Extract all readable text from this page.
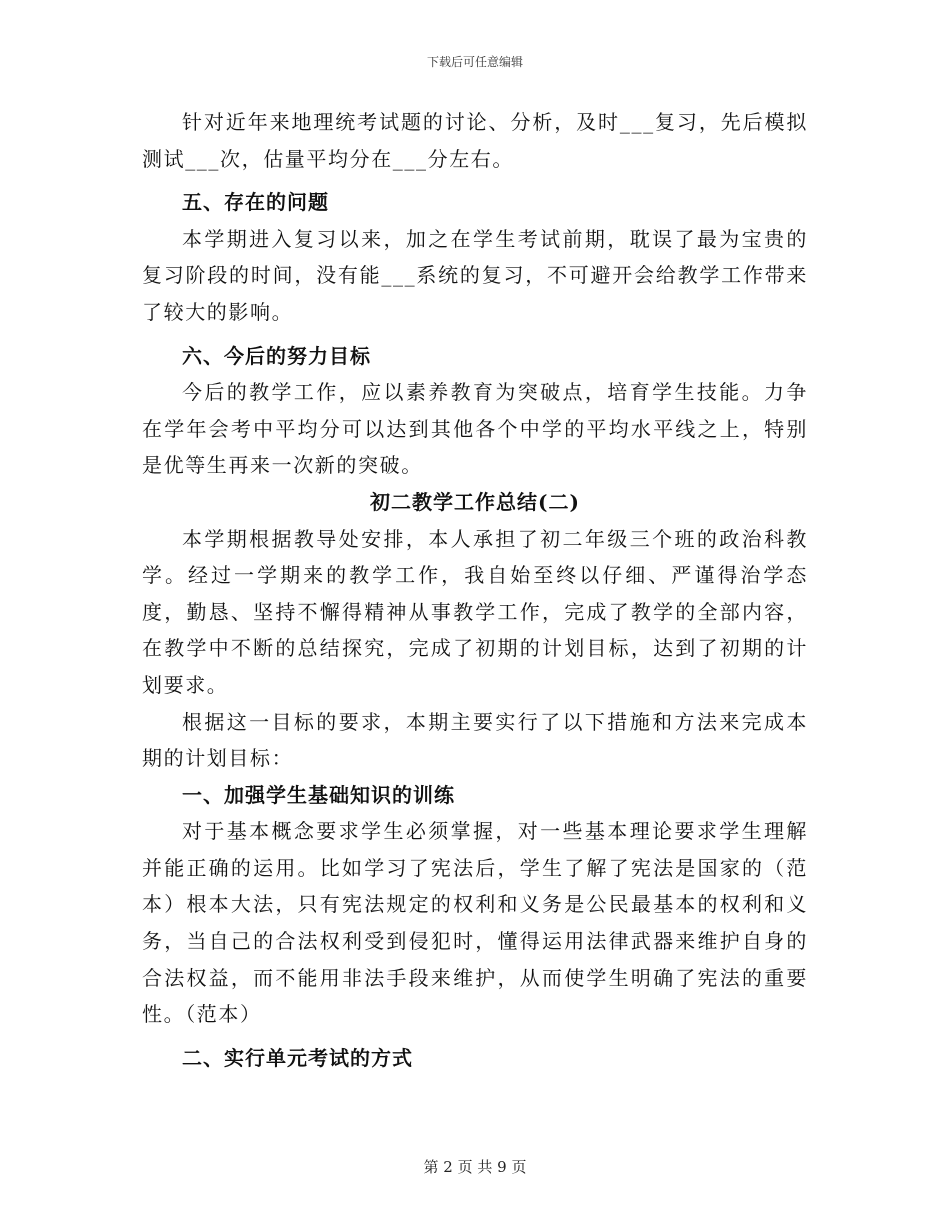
下载后可任意编辑

针对近年来地理统考试题的讨论、分析，及时___复习，先后模拟测试___次，估量平均分在___分左右。

五、存在的问题

本学期进入复习以来，加之在学生考试前期，耽误了最为宝贵的复习阶段的时间，没有能___系统的复习，不可避开会给教学工作带来了较大的影响。

六、今后的努力目标

今后的教学工作，应以素养教育为突破点，培育学生技能。力争在学年会考中平均分可以达到其他各个中学的平均水平线之上，特别是优等生再来一次新的突破。

初二教学工作总结(二)

本学期根据教导处安排，本人承担了初二年级三个班的政治科教学。经过一学期来的教学工作，我自始至终以仔细、严谨得治学态度，勤恳、坚持不懈得精神从事教学工作，完成了教学的全部内容，在教学中不断的总结探究，完成了初期的计划目标，达到了初期的计划要求。

根据这一目标的要求，本期主要实行了以下措施和方法来完成本期的计划目标：

一、加强学生基础知识的训练

对于基本概念要求学生必须掌握，对一些基本理论要求学生理解并能正确的运用。比如学习了宪法后，学生了解了宪法是国家的（范本）根本大法，只有宪法规定的权利和义务是公民最基本的权利和义务，当自己的合法权利受到侵犯时，懂得运用法律武器来维护自身的合法权益，而不能用非法手段来维护，从而使学生明确了宪法的重要性。（范本）

二、实行单元考试的方式

第 2 页 共 9 页
